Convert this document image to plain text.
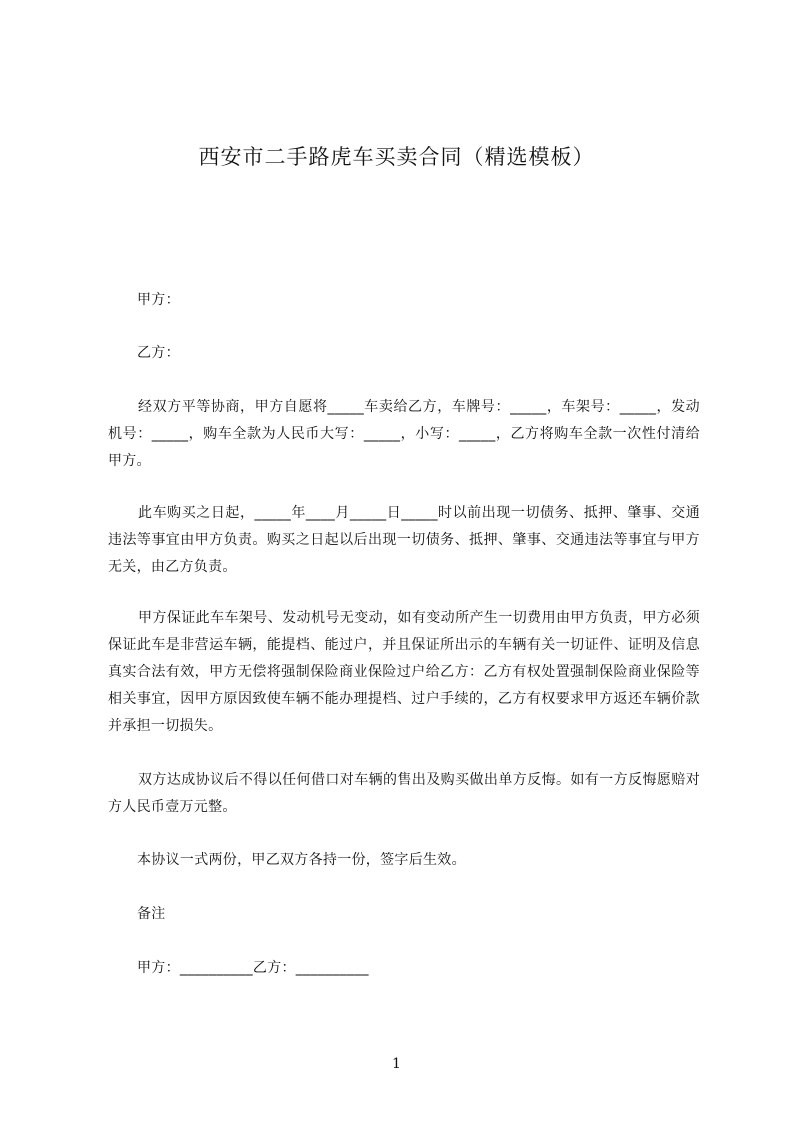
西安市二手路虎车买卖合同（精选模板）

甲方：

乙方：

经双方平等协商，甲方自愿将_____车卖给乙方，车牌号：_____，车架号：_____，发动机号：_____，购车全款为人民币大写：_____，小写：_____，乙方将购车全款一次性付清给甲方。

此车购买之日起，_____年____月_____日_____时以前出现一切债务、抵押、肇事、交通违法等事宜由甲方负责。购买之日起以后出现一切债务、抵押、肇事、交通违法等事宜与甲方无关，由乙方负责。

甲方保证此车车架号、发动机号无变动，如有变动所产生一切费用由甲方负责，甲方必须保证此车是非营运车辆，能提档、能过户，并且保证所出示的车辆有关一切证件、证明及信息真实合法有效，甲方无偿将强制保险商业保险过户给乙方：乙方有权处置强制保险商业保险等相关事宜，因甲方原因致使车辆不能办理提档、过户手续的，乙方有权要求甲方返还车辆价款并承担一切损失。

双方达成协议后不得以任何借口对车辆的售出及购买做出单方反悔。如有一方反悔愿赔对方人民币壹万元整。

本协议一式两份，甲乙双方各持一份，签字后生效。

备注

甲方：__________乙方：__________

1
